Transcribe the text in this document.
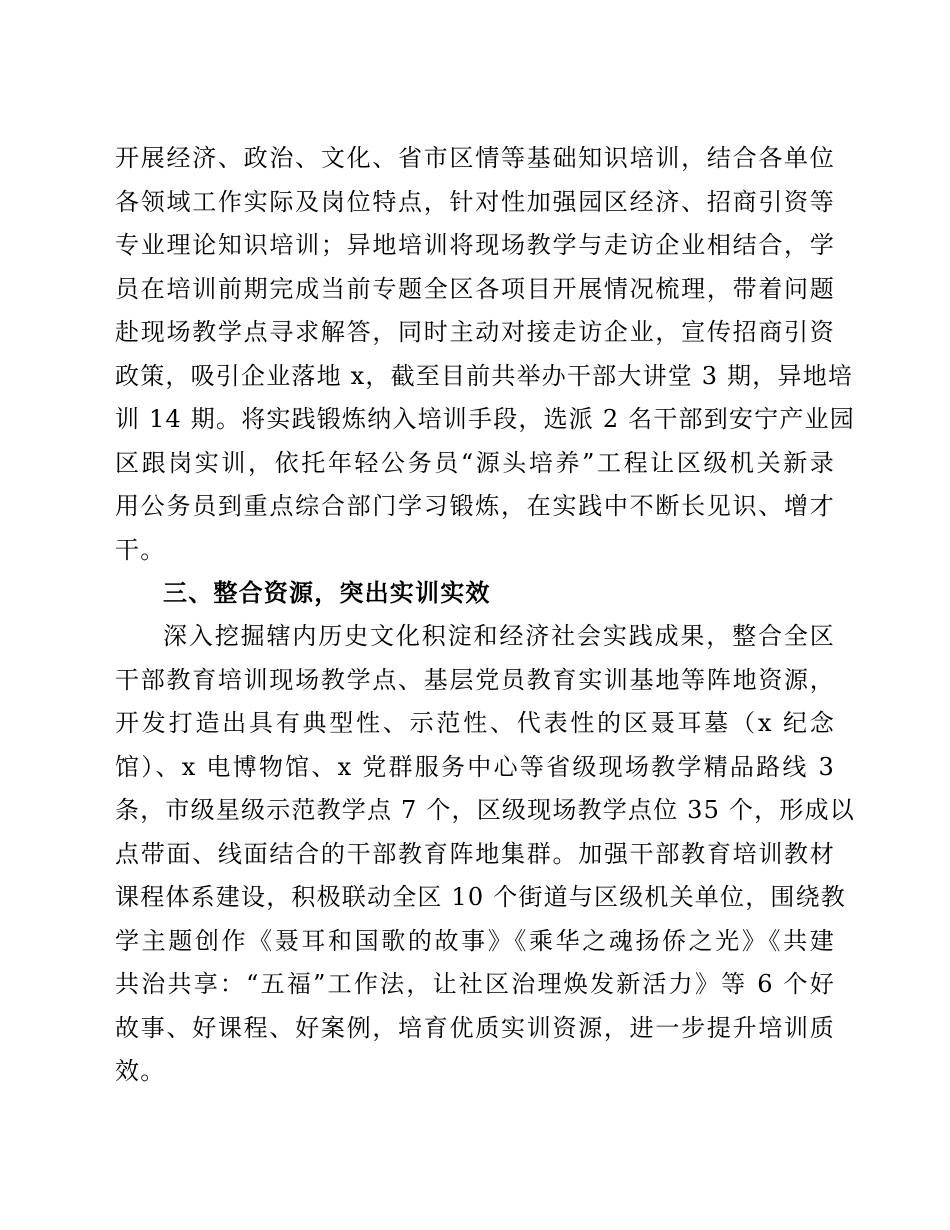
开展经济、政治、文化、省市区情等基础知识培训，结合各单位
各领域工作实际及岗位特点，针对性加强园区经济、招商引资等
专业理论知识培训；异地培训将现场教学与走访企业相结合，学
员在培训前期完成当前专题全区各项目开展情况梳理，带着问题
赴现场教学点寻求解答，同时主动对接走访企业，宣传招商引资
政策，吸引企业落地 x，截至目前共举办干部大讲堂 3 期，异地培
训 14 期。将实践锻炼纳入培训手段，选派 2 名干部到安宁产业园
区跟岗实训，依托年轻公务员“源头培养”工程让区级机关新录
用公务员到重点综合部门学习锻炼，在实践中不断长见识、增才
干。
三、整合资源，突出实训实效
深入挖掘辖内历史文化积淀和经济社会实践成果，整合全区
干部教育培训现场教学点、基层党员教育实训基地等阵地资源，
开发打造出具有典型性、示范性、代表性的区聂耳墓（x 纪念
馆）、x 电博物馆、x 党群服务中心等省级现场教学精品路线 3
条，市级星级示范教学点 7 个，区级现场教学点位 35 个，形成以
点带面、线面结合的干部教育阵地集群。加强干部教育培训教材
课程体系建设，积极联动全区 10 个街道与区级机关单位，围绕教
学主题创作《聂耳和国歌的故事》《乘华之魂扬侨之光》《共建
共治共享：“五福”工作法，让社区治理焕发新活力》等 6 个好
故事、好课程、好案例，培育优质实训资源，进一步提升培训质
效。
